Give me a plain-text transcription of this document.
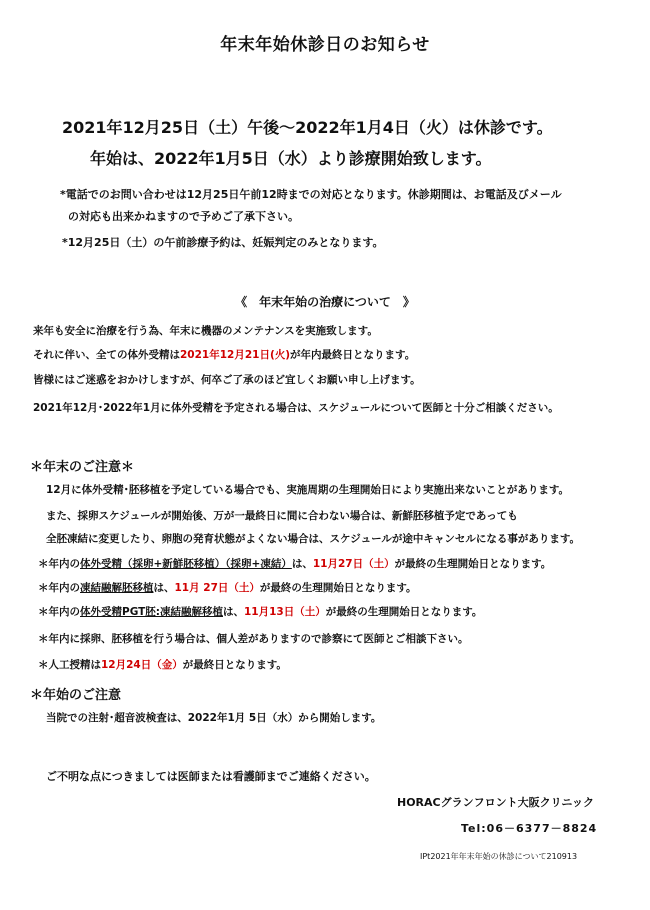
年末年始休診日のお知らせ
2021年12月25日（土）午後～2022年1月4日（火）は休診です。
年始は、2022年1月5日（水）より診療開始致します。
*電話でのお問い合わせは12月25日午前12時までの対応となります。休診期間は、お電話及びメール
の対応も出来かねますので予めご了承下さい。
*12月25日（土）の午前診療予約は、妊娠判定のみとなります。
《　年末年始の治療について　》
来年も安全に治療を行う為、年末に機器のメンテナンスを実施致します。
それに伴い、全ての体外受精は2021年12月21日(火)が年内最終日となります。
皆様にはご迷惑をおかけしますが、何卒ご了承のほど宜しくお願い申し上げます。
2021年12月･2022年1月に体外受精を予定される場合は、スケジュールについて医師と十分ご相談ください。
＊年末のご注意＊
12月に体外受精･胚移植を予定している場合でも、実施周期の生理開始日により実施出来ないことがあります。
また、採卵スケジュールが開始後、万が一最終日に間に合わない場合は、新鮮胚移植予定であっても
全胚凍結に変更したり、卵胞の発育状態がよくない場合は、スケジュールが途中キャンセルになる事があります。
＊年内の体外受精（採卵+新鮮胚移植）（採卵+凍結）は、11月27日（土）が最終の生理開始日となります。
＊年内の凍結融解胚移植は、11月 27日（土）が最終の生理開始日となります。
＊年内の体外受精PGT胚:凍結融解移植は、11月13日（土）が最終の生理開始日となります。
＊年内に採卵、胚移植を行う場合は、個人差がありますので診察にて医師とご相談下さい。
＊人工授精は12月24日（金）が最終日となります。
＊年始のご注意
当院での注射･超音波検査は、2022年1月 5日（水）から開始します。
ご不明な点につきましては医師または看護師までご連絡ください。
HORACグランフロント大阪クリニック
Tel:06－6377－8824
IPt2021年年末年始の休診について210913
